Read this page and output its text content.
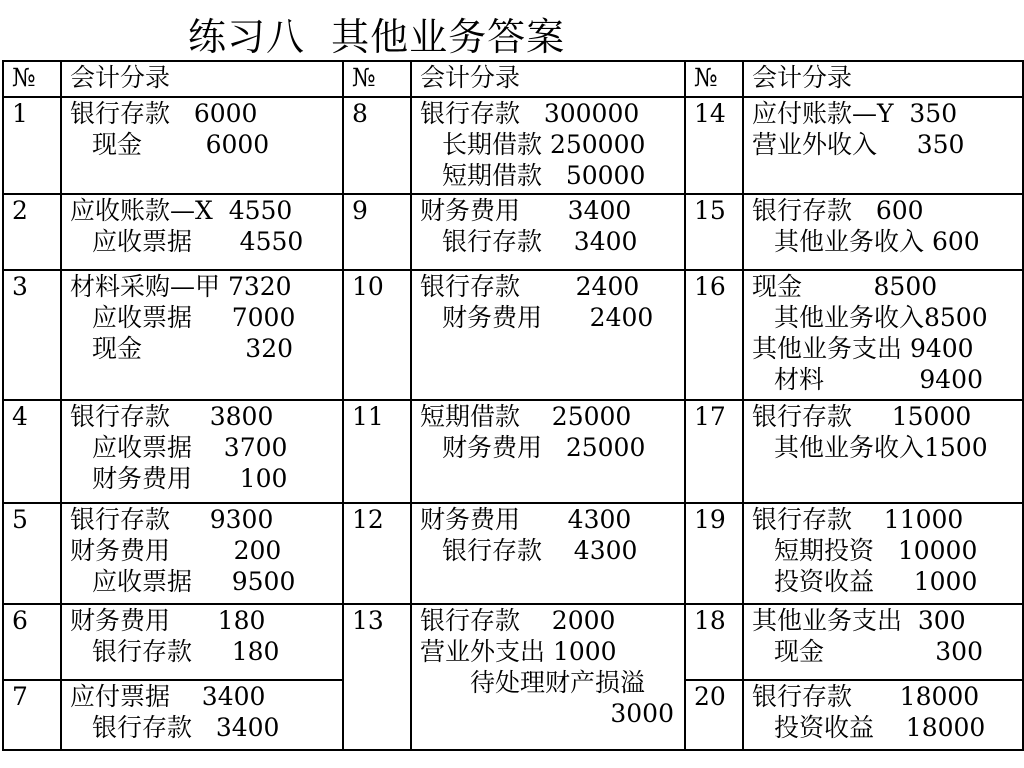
练习八  其他业务答案
№	会计分录	№	会计分录	№	会计分录
1	银行存款   6000
现金        6000	8	银行存款   300000
长期借款 250000
短期借款   50000	14	应付账款—Y  350
营业外收入     350

2	应收账款—X  4550
应收票据      4550	9	财务费用      3400
银行存款    3400	15	银行存款   600
其他业务收入 600

3	材料采购—甲 7320
应收票据     7000
现金             320	10	银行存款       2400
财务费用      2400	16	现金         8500
其他业务收入8500
其他业务支出 9400
材料            9400

4	银行存款     3800
应收票据    3700
财务费用      100	11	短期借款    25000
财务费用   25000	17	银行存款     15000
其他业务收入1500

5	银行存款     9300
财务费用        200
应收票据     9500	12	财务费用      4300
银行存款    4300	19	银行存款    11000
短期投资   10000
投资收益     1000

6	财务费用      180
银行存款     180	13	银行存款    2000
营业外支出 1000
待处理财产损溢
3000	18	其他业务支出  300
现金              300

7	应付票据    3400
银行存款   3400			20	银行存款      18000
投资收益    18000
